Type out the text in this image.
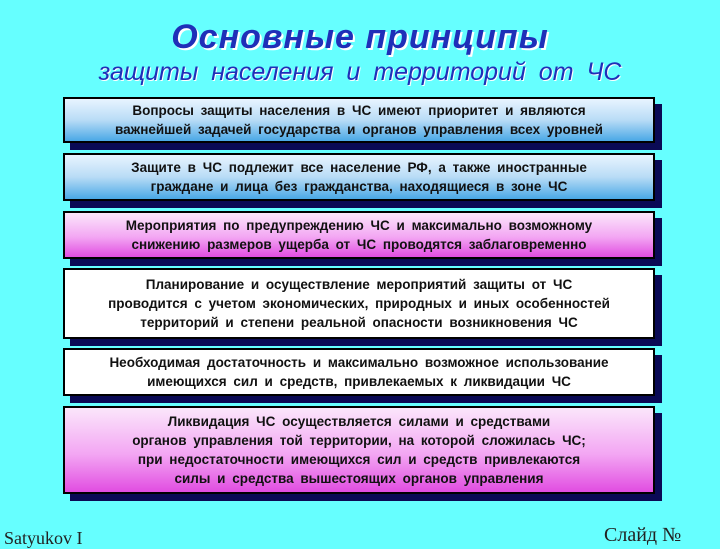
Основные принципы
защиты населения и территорий от ЧС
Вопросы защиты населения в ЧС имеют приоритет и являются
важнейшей задачей государства и органов управления всех уровней
Защите в ЧС подлежит все население РФ, а также иностранные
граждане и лица без гражданства, находящиеся в зоне ЧС
Мероприятия по предупреждению ЧС и максимально возможному
снижению размеров ущерба от ЧС проводятся заблаговременно
Планирование и осуществление мероприятий защиты от ЧС
проводится с учетом экономических, природных и иных особенностей
территорий и степени реальной опасности возникновения ЧС
Необходимая достаточность и максимально возможное использование
имеющихся сил и средств, привлекаемых к ликвидации ЧС
Ликвидация ЧС осуществляется силами и средствами
органов управления той территории, на которой сложилась ЧС;
при недостаточности имеющихся сил и средств привлекаются
силы и средства вышестоящих органов управления
Satyukov I	Слайд №
